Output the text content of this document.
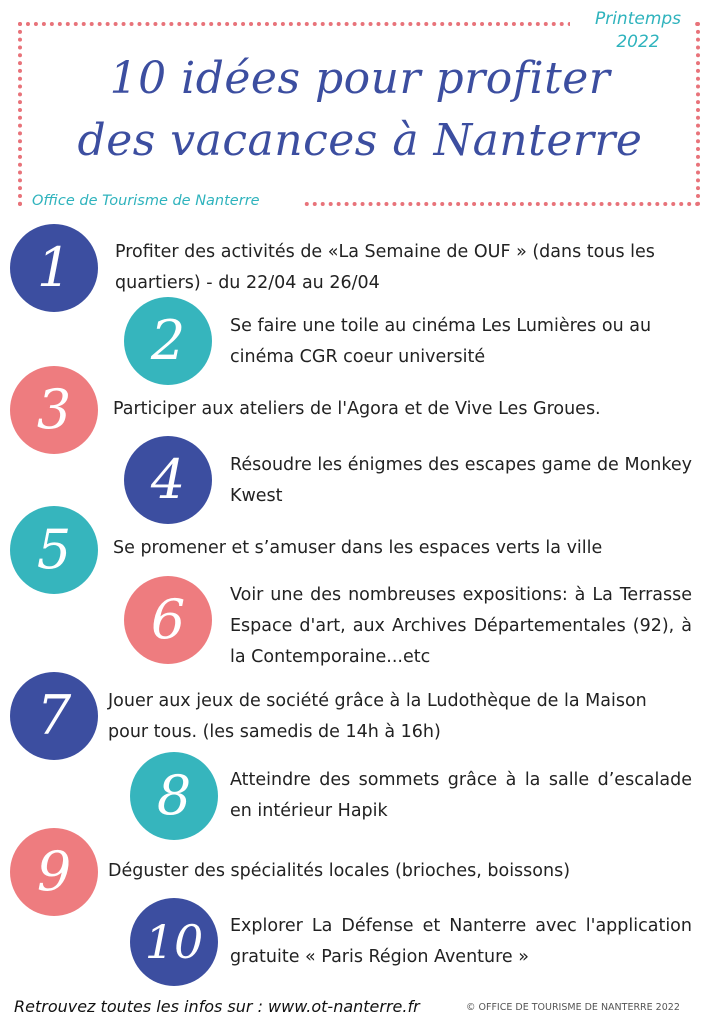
Printemps
2022
10 idées pour profiter
des vacances à Nanterre
Office de Tourisme de Nanterre
1	Profiter des activités de «La Semaine de OUF » (dans tous les quartiers) - du 22/04 au 26/04
2	Se faire une toile au cinéma Les Lumières ou au cinéma CGR coeur université
3	Participer aux ateliers de l'Agora et de Vive Les Groues.
4	Résoudre les énigmes des escapes game de Monkey Kwest
5	Se promener et s’amuser dans les espaces verts la ville
6	Voir une des nombreuses expositions: à La Terrasse Espace d'art, aux Archives Départementales (92), à la Contemporaine...etc
7	Jouer aux jeux de société grâce à la Ludothèque de la Maison pour tous. (les samedis de 14h à 16h)
8	Atteindre des sommets grâce à la salle d’escalade en intérieur Hapik
9	Déguster des spécialités locales (brioches, boissons)
10	Explorer La Défense et Nanterre avec l'application gratuite « Paris Région Aventure »
Retrouvez toutes les infos sur : www.ot-nanterre.fr	© OFFICE DE TOURISME DE NANTERRE 2022
